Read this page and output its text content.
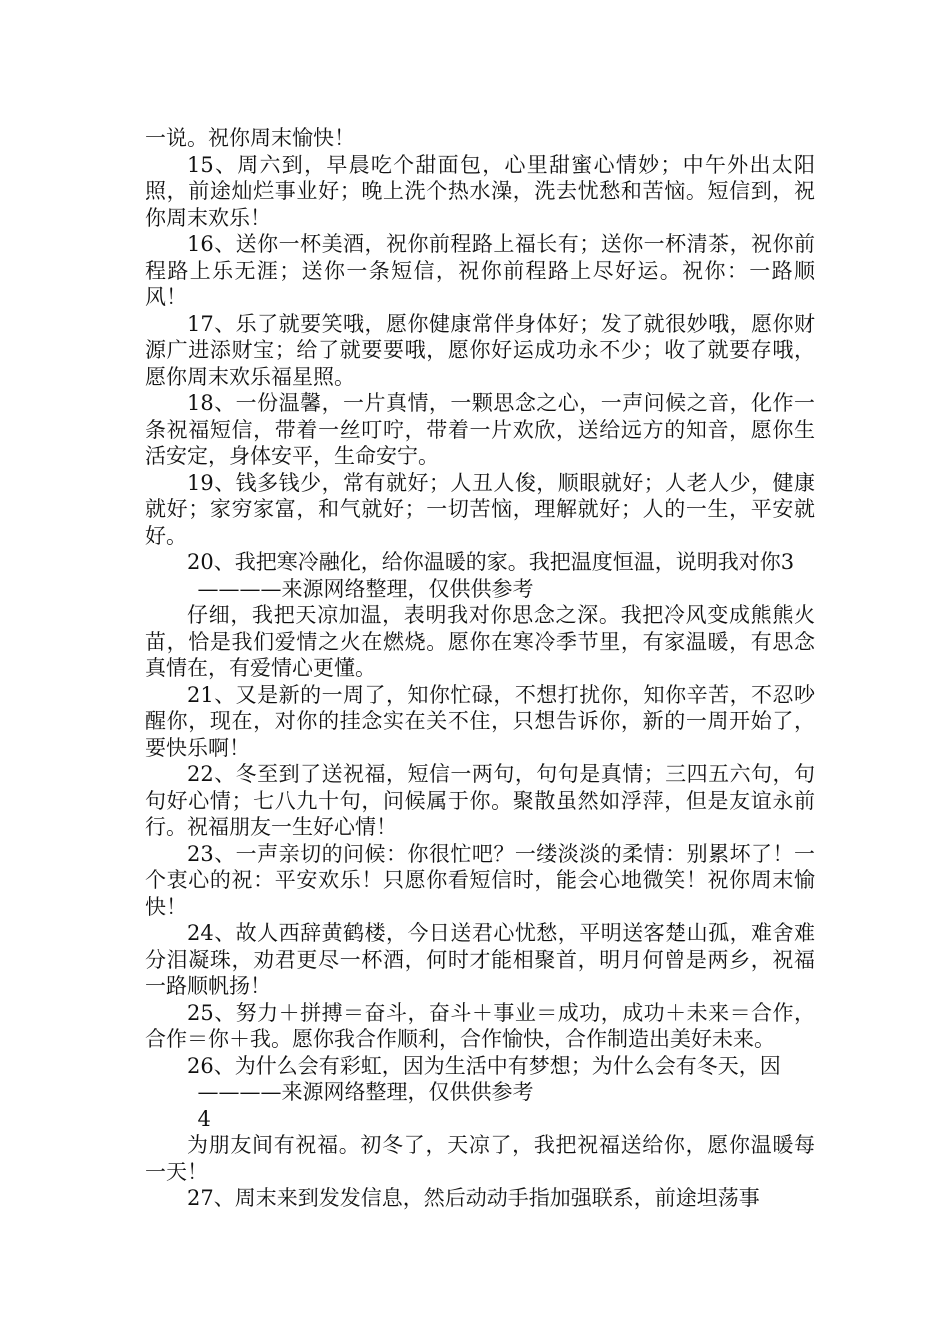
一说。祝你周末愉快！

15、周六到，早晨吃个甜面包，心里甜蜜心情妙；中午外出太阳照，前途灿烂事业好；晚上洗个热水澡，洗去忧愁和苦恼。短信到，祝你周末欢乐！

16、送你一杯美酒，祝你前程路上福长有；送你一杯清茶，祝你前程路上乐无涯；送你一条短信，祝你前程路上尽好运。祝你：一路顺风！

17、乐了就要笑哦，愿你健康常伴身体好；发了就很妙哦，愿你财源广进添财宝；给了就要要哦，愿你好运成功永不少；收了就要存哦，愿你周末欢乐福星照。

18、一份温馨，一片真情，一颗思念之心，一声问候之音，化作一条祝福短信，带着一丝叮咛，带着一片欢欣，送给远方的知音，愿你生活安定，身体安平，生命安宁。

19、钱多钱少，常有就好；人丑人俊，顺眼就好；人老人少，健康就好；家穷家富，和气就好；一切苦恼，理解就好；人的一生，平安就好。

20、我把寒冷融化，给你温暖的家。我把温度恒温，说明我对你3

————来源网络整理，仅供供参考

仔细，我把天凉加温，表明我对你思念之深。我把冷风变成熊熊火苗，恰是我们爱情之火在燃烧。愿你在寒冷季节里，有家温暖，有思念真情在，有爱情心更懂。

21、又是新的一周了，知你忙碌，不想打扰你，知你辛苦，不忍吵醒你，现在，对你的挂念实在关不住，只想告诉你，新的一周开始了，要快乐啊！

22、冬至到了送祝福，短信一两句，句句是真情；三四五六句，句句好心情；七八九十句，问候属于你。聚散虽然如浮萍，但是友谊永前行。祝福朋友一生好心情！

23、一声亲切的问候：你很忙吧？一缕淡淡的柔情：别累坏了！一个衷心的祝：平安欢乐！只愿你看短信时，能会心地微笑！祝你周末愉快！

24、故人西辞黄鹤楼，今日送君心忧愁，平明送客楚山孤，难舍难分泪凝珠，劝君更尽一杯酒，何时才能相聚首，明月何曾是两乡，祝福一路顺帆扬！

25、努力＋拼搏＝奋斗，奋斗＋事业＝成功，成功＋未来＝合作，合作＝你＋我。愿你我合作顺利，合作愉快，合作制造出美好未来。

26、为什么会有彩虹，因为生活中有梦想；为什么会有冬天，因

————来源网络整理，仅供供参考

4

为朋友间有祝福。初冬了，天凉了，我把祝福送给你，愿你温暖每一天！

27、周末来到发发信息，然后动动手指加强联系，前途坦荡事
